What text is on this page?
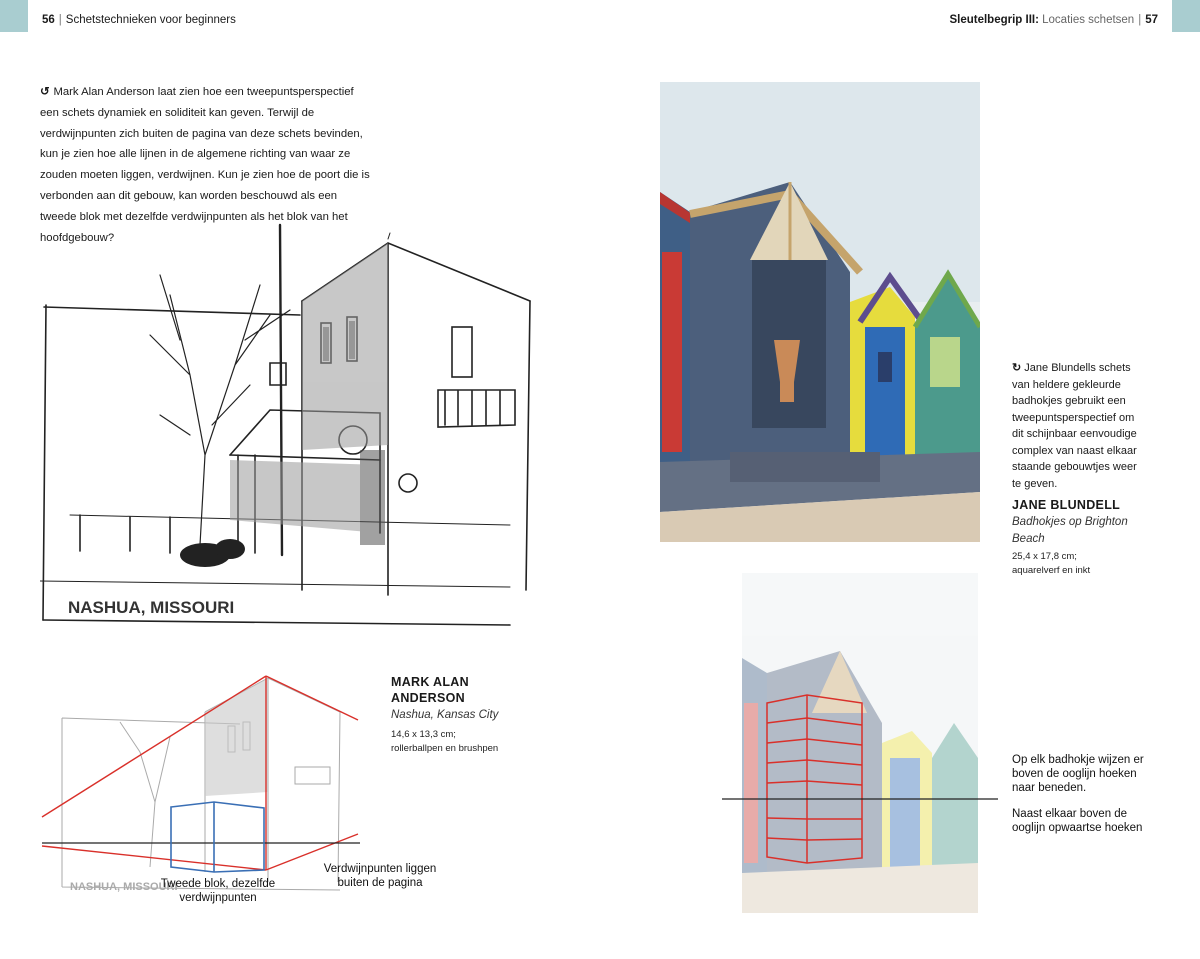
56 | Schetstechnieken voor beginners	Sleutelbegrip III: Locaties schetsen | 57
↺ Mark Alan Anderson laat zien hoe een tweepuntsperspectief een schets dynamiek en soliditeit kan geven. Terwijl de verdwijnpunten zich buiten de pagina van deze schets bevinden, kun je zien hoe alle lijnen in de algemene richting van waar ze zouden moeten liggen, verdwijnen. Kun je zien hoe de poort die is verbonden aan dit gebouw, kan worden beschouwd als een tweede blok met dezelfde verdwijnpunten als het blok van het hoofdgebouw?
NASHUA, MISSOURI
MARK ALAN ANDERSON
Nashua, Kansas City
14,6 x 13,3 cm;
rollerballpen en brushpen
NASHUA, MISSOURI
Verdwijnpunten liggen buiten de pagina
Tweede blok, dezelfde verdwijnpunten
↻ Jane Blundells schets van heldere gekleurde badhokjes gebruikt een tweepuntsperspectief om dit schijnbaar eenvoudige complex van naast elkaar staande gebouwtjes weer te geven.
JANE BLUNDELL
Badhokjes op Brighton Beach
25,4 x 17,8 cm;
aquarelverf en inkt
Op elk badhokje wijzen er boven de ooglijn hoeken naar beneden.
Naast elkaar boven de ooglijn opwaartse hoeken
